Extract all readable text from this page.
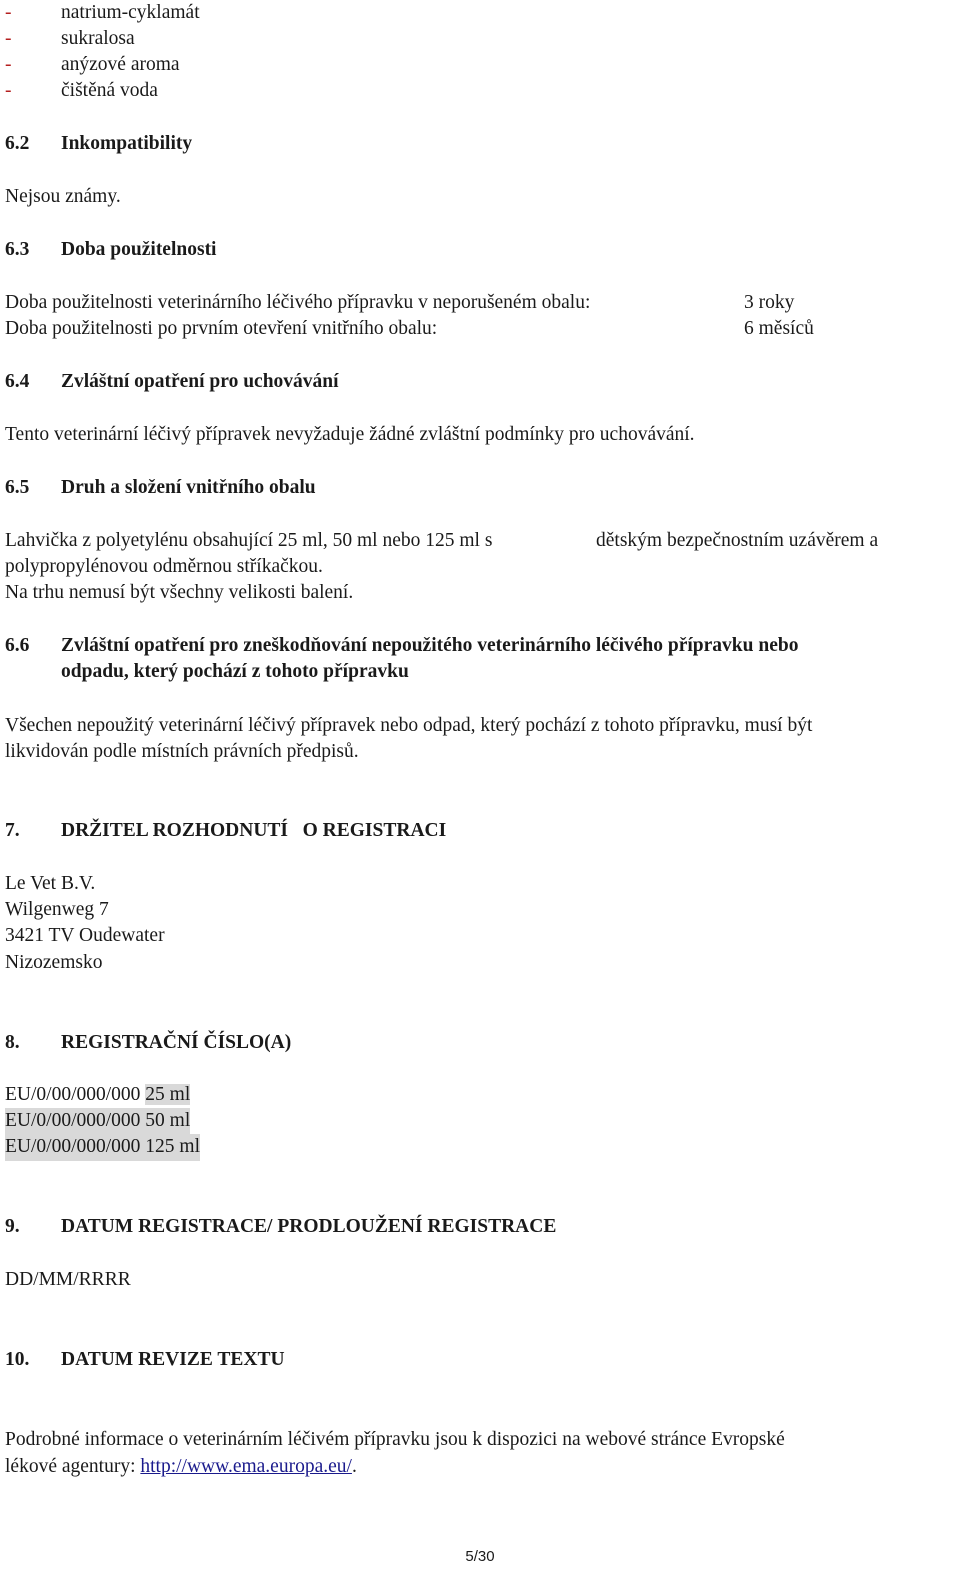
-	natrium-cyklamát
-	sukralosa
-	anýzové aroma
-	čištěná voda
6.2 Inkompatibility
Nejsou známy.
6.3 Doba použitelnosti
Doba použitelnosti veterinárního léčivého přípravku v neporušeném obalu:	3 roky
Doba použitelnosti po prvním otevření vnitřního obalu:	6 měsíců
6.4 Zvláštní opatření pro uchovávání
Tento veterinární léčivý přípravek nevyžaduje žádné zvláštní podmínky pro uchovávání.
6.5 Druh a složení vnitřního obalu
Lahvička z polyetylénu obsahující 25 ml, 50 ml nebo 125 ml s	dětským bezpečnostním uzávěrem a
polypropylénovou odměrnou stříkačkou.
Na trhu nemusí být všechny velikosti balení.
6.6 Zvláštní opatření pro zneškodňování nepoužitého veterinárního léčivého přípravku nebo
odpadu, který pochází z tohoto přípravku
Všechen nepoužitý veterinární léčivý přípravek nebo odpad, který pochází z tohoto přípravku, musí být
likvidován podle místních právních předpisů.
7. DRŽITEL ROZHODNUTÍ   O REGISTRACI
Le Vet B.V.
Wilgenweg 7
3421 TV Oudewater
Nizozemsko
8. REGISTRAČNÍ ČÍSLO(A)
EU/0/00/000/000 25 ml
EU/0/00/000/000 50 ml
EU/0/00/000/000 125 ml
9. DATUM REGISTRACE/ PRODLOUŽENÍ REGISTRACE
DD/MM/RRRR
10. DATUM REVIZE TEXTU
Podrobné informace o veterinárním léčivém přípravku jsou k dispozici na webové stránce Evropské
lékové agentury: http://www.ema.europa.eu/.
5/30
